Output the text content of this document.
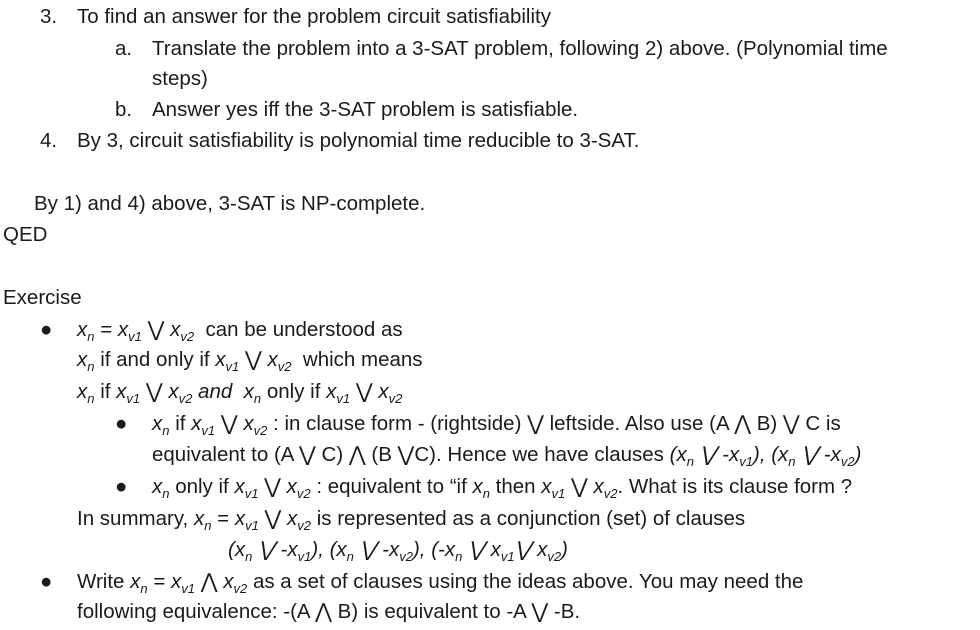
3. To find an answer for the problem circuit satisfiability
a. Translate the problem into a 3-SAT problem, following 2) above. (Polynomial time
steps)
b. Answer yes iff the 3-SAT problem is satisfiable.
4. By 3, circuit satisfiability is polynomial time reducible to 3-SAT.
By 1) and 4) above, 3-SAT is NP-complete.
QED
Exercise
● $x_n = x_{v1}$ ⋁ $x_{v2}$ can be understood as
$x_n$ if and only if $x_{v1}$ ⋁ $x_{v2}$ which means
$x_n$ if $x_{v1}$ ⋁ $x_{v2}$ and $x_n$ only if $x_{v1}$ ⋁ $x_{v2}$
● $x_n$ if $x_{v1}$ ⋁ $x_{v2}$ : in clause form - (rightside) ⋁ leftside. Also use (A ⋀ B) ⋁ C is
equivalent to (A ⋁ C) ⋀ (B ⋁C). Hence we have clauses ($x_n$ ⋁ $-x_{v1}$), ($x_n$ ⋁ $-x_{v2}$)
● $x_n$ only if $x_{v1}$ ⋁ $x_{v2}$ : equivalent to “if $x_n$ then $x_{v1}$ ⋁ $x_{v2}$. What is its clause form ?
In summary, $x_n = x_{v1}$ ⋁ $x_{v2}$ is represented as a conjunction (set) of clauses
($x_n$ ⋁ $-x_{v1}$), ($x_n$ ⋁ $-x_{v2}$), ($-x_n$ ⋁ $x_{v1}⋁$ $x_{v2}$)
● Write $x_n = x_{v1}$ ⋀ $x_{v2}$ as a set of clauses using the ideas above. You may need the
following equivalence: -(A ⋀ B) is equivalent to -A ⋁ -B.
